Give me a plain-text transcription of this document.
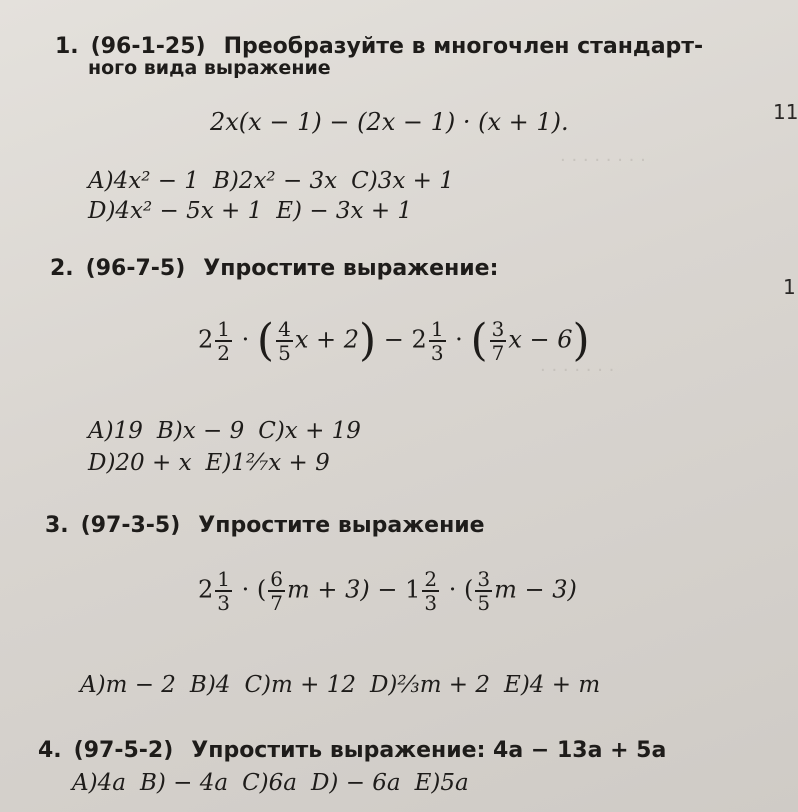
· · · · · · · ·
· · · · · · ·
1. (96-1-25) Преобразуйте в многочлен стандарт-
ного вида выражение
2x(x − 1) − (2x − 1) · (x + 1).
A)4x² − 1 B)2x² − 3x C)3x + 1
D)4x² − 5x + 1 E) − 3x + 1
2. (96-7-5) Упростите выражение:
$2 \frac{1}{2}$ · ( $\frac{4}{5}$ $x + 2) - 2 \frac{1}{3}$ · ( $\frac{3}{7}$ x − 6)
A)19 B)x − 9 C)x + 19
D)20 + x E)1²⁄₇x + 9
3. (97-3-5) Упростите выражение
$2 \frac{1}{3}$ · ( $\frac{6}{7}$ $m + 3) - 1 \frac{2}{3}$ · ( $\frac{3}{5}$ m − 3)
A)m − 2 B)4 C)m + 12 D)⅔m + 2 E)4 + m
4. (97-5-2) Упростить выражение: 4a − 13a + 5a
A)4a B) − 4a C)6a D) − 6a E)5a
11
1
